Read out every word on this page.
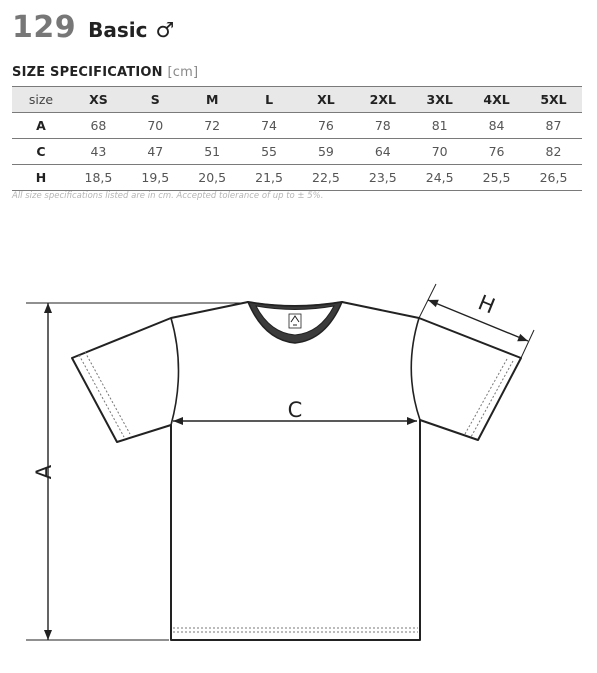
129 Basic ♂
SIZE SPECIFICATION [cm]
size	XS	S	M	L	XL	2XL	3XL	4XL	5XL
A	68	70	72	74	76	78	81	84	87
C	43	47	51	55	59	64	70	76	82
H	18,5	19,5	20,5	21,5	22,5	23,5	24,5	25,5	26,5
All size specifications listed are in cm. Accepted tolerance of up to ± 5%.
A
C
H
